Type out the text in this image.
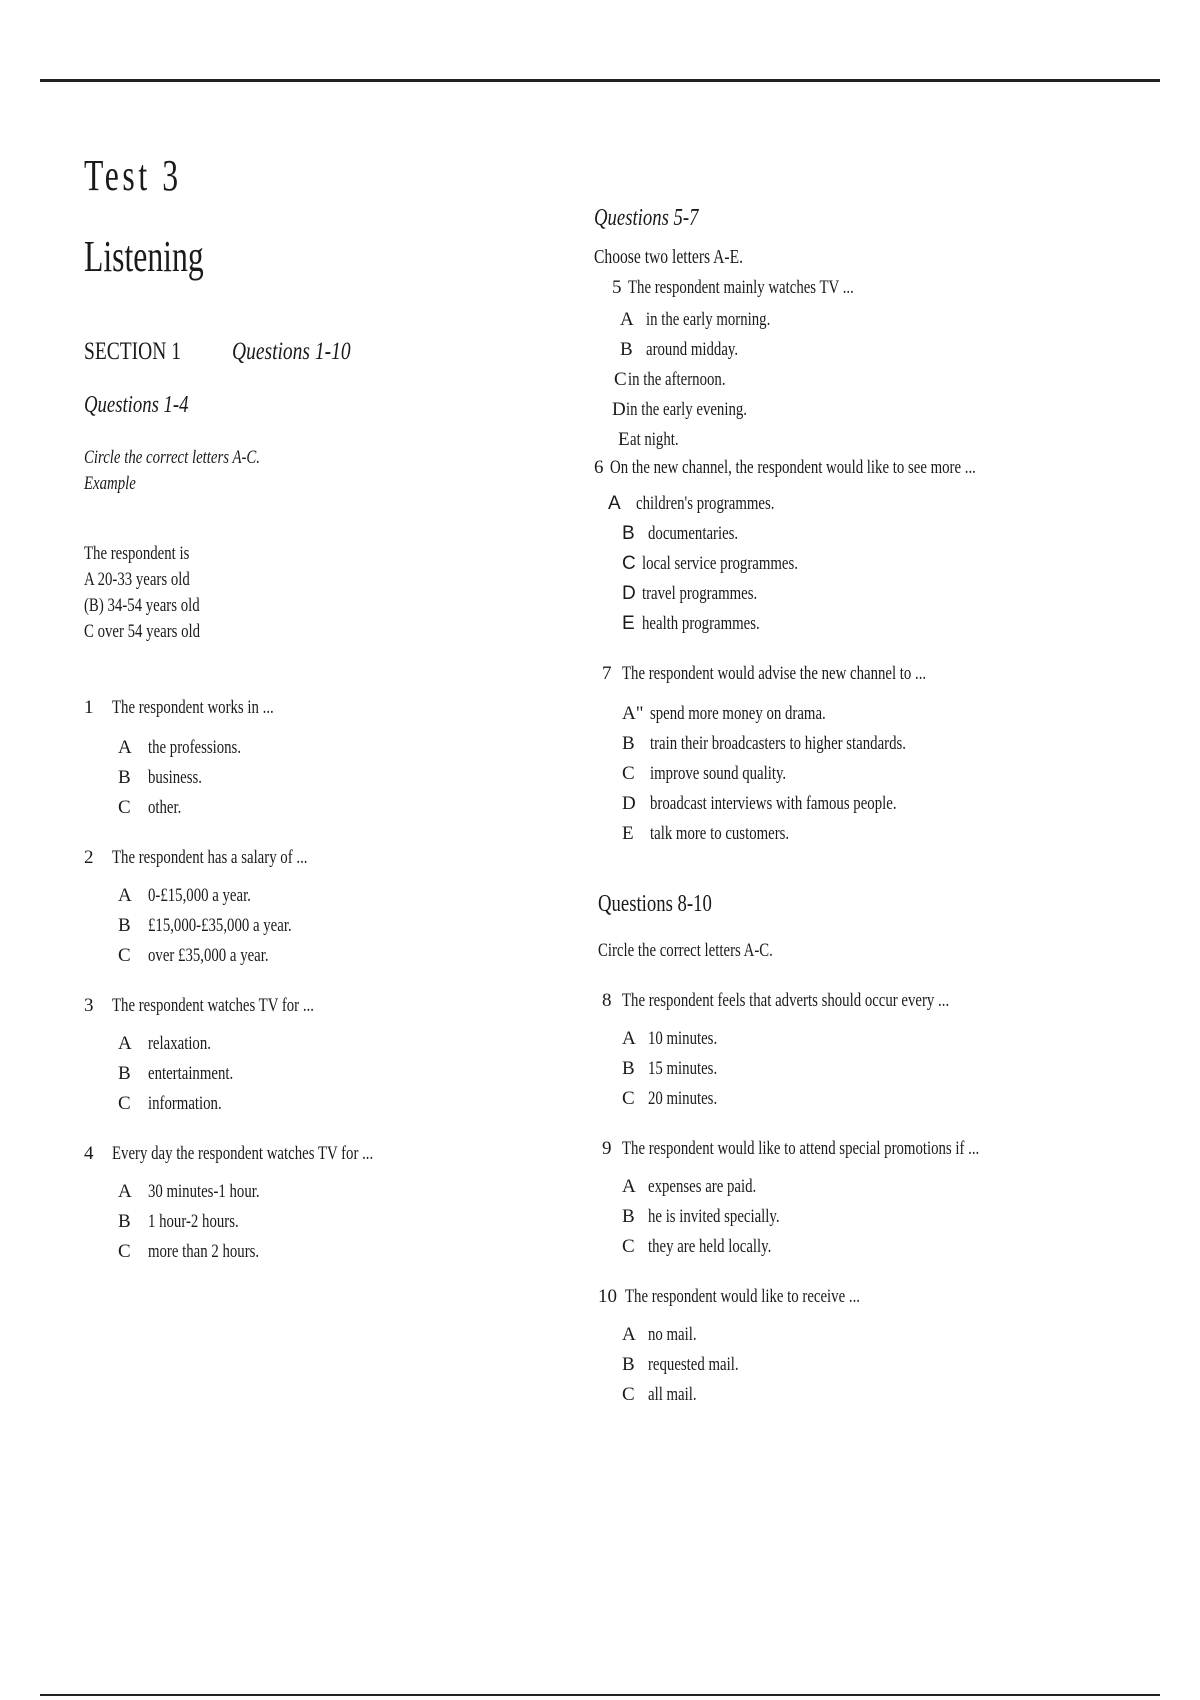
Test 3
Listening
SECTION 1 Questions 1-10
Questions 1-4
Circle the correct letters A-C.
Example
The respondent is
A 20-33 years old
(B) 34-54 years old
C over 54 years old
1 The respondent works in ...
A the professions.
B business.
C other.
2 The respondent has a salary of ...
A 0-£15,000 a year.
B £15,000-£35,000 a year.
C over £35,000 a year.
3 The respondent watches TV for ...
A relaxation.
B entertainment.
C information.
4 Every day the respondent watches TV for ...
A 30 minutes-1 hour.
B 1 hour-2 hours.
C more than 2 hours.
Questions 5-7
Choose two letters A-E.
5 The respondent mainly watches TV ...
A in the early morning.
B around midday.
Cin the afternoon.
Din the early evening.
Eat night.
6 On the new channel, the respondent would like to see more ...
A children's programmes.
B documentaries.
C local service programmes.
D travel programmes.
E health programmes.
7 The respondent would advise the new channel to ...
A" spend more money on drama.
B train their broadcasters to higher standards.
C improve sound quality.
D broadcast interviews with famous people.
E talk more to customers.
Questions 8-10
Circle the correct letters A-C.
8 The respondent feels that adverts should occur every ...
A 10 minutes.
B 15 minutes.
C 20 minutes.
9 The respondent would like to attend special promotions if ...
A expenses are paid.
B he is invited specially.
C they are held locally.
10 The respondent would like to receive ...
A no mail.
B requested mail.
C all mail.
